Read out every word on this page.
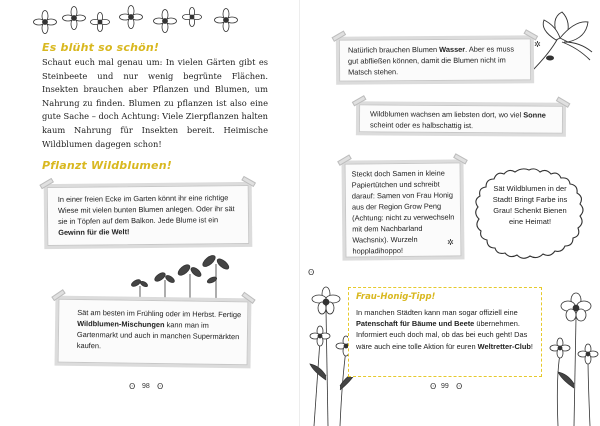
Es blüht so schön!
Schaut euch mal genau um: In vielen Gärten gibt es Steinbeete und nur wenig begrünte Flächen. Insekten brauchen aber Pflanzen und Blumen, um Nahrung zu finden. Blumen zu pflanzen ist also eine gute Sache – doch Achtung: Viele Zierpflanzen halten kaum Nahrung für Insekten bereit. Heimische Wildblumen dagegen schon!
Pflanzt Wildblumen!
In einer freien Ecke im Garten könnt ihr eine richtige Wiese mit vielen bunten Blumen anlegen. Oder ihr sät sie in Töpfen auf dem Balkon. Jede Blume ist ein Gewinn für die Welt!
Sät am besten im Frühling oder im Herbst. Fertige Wildblumen-Mischungen kann man im Gartenmarkt und auch in manchen Supermärkten kaufen.
ʘ 98 ʘ
✲
Natürlich brauchen Blumen Wasser. Aber es muss gut abfließen können, damit die Blumen nicht im Matsch stehen.
Wildblumen wachsen am liebsten dort, wo viel Sonne scheint oder es halbschattig ist.
Steckt doch Samen in kleine Papiertütchen und schreibt darauf: Samen von Frau Honig aus der Region Grow Peng (Achtung: nicht zu verwechseln mit dem Nachbarland Wachsnix). Wurzeln hoppladihoppo!
✲
Sät Wildblumen in der Stadt! Bringt Farbe ins Grau! Schenkt Bienen eine Heimat!
ʘ
Frau-Honig-Tipp!
In manchen Städten kann man sogar offiziell eine Patenschaft für Bäume und Beete übernehmen. Informiert euch doch mal, ob das bei euch geht! Das wäre auch eine tolle Aktion für euren Weltretter-Club!
ʘ 99 ʘ
